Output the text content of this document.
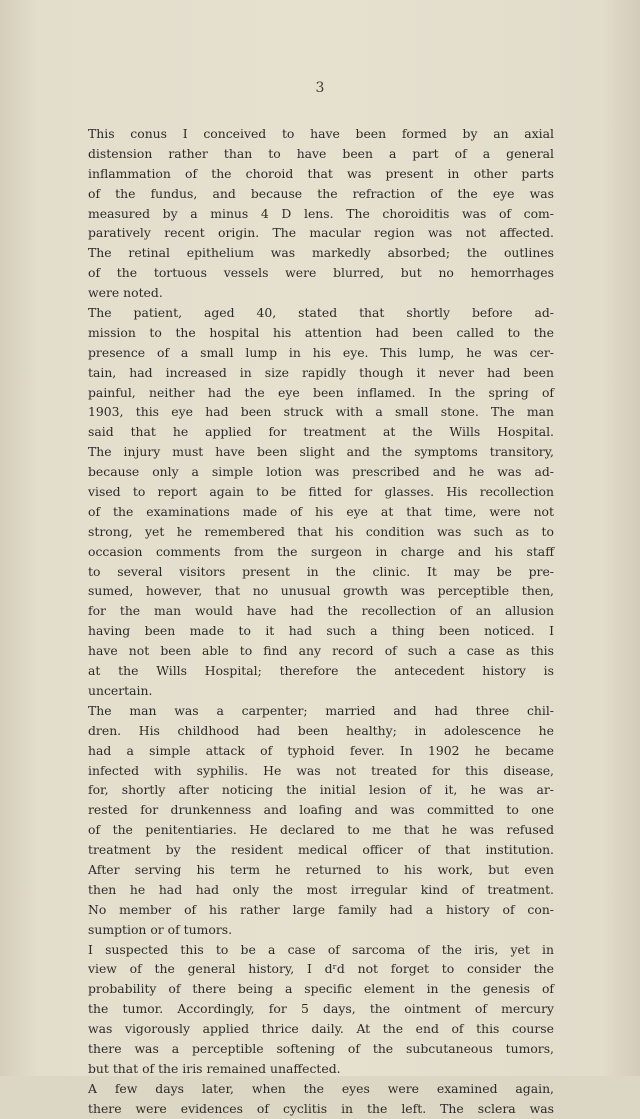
3
This conus I conceived to have been formed by an axial
distension rather than to have been a part of a general
inflammation of the choroid that was present in other parts
of the fundus, and because the refraction of the eye was
measured by a minus 4 D lens. The choroiditis was of com-
paratively recent origin. The macular region was not affected.
The retinal epithelium was markedly absorbed; the outlines
of the tortuous vessels were blurred, but no hemorrhages
were noted.
The patient, aged 40, stated that shortly before ad-
mission to the hospital his attention had been called to the
presence of a small lump in his eye. This lump, he was cer-
tain, had increased in size rapidly though it never had been
painful, neither had the eye been inflamed. In the spring of
1903, this eye had been struck with a small stone. The man
said that he applied for treatment at the Wills Hospital.
The injury must have been slight and the symptoms transitory,
because only a simple lotion was prescribed and he was ad-
vised to report again to be fitted for glasses. His recollection
of the examinations made of his eye at that time, were not
strong, yet he remembered that his condition was such as to
occasion comments from the surgeon in charge and his staff
to several visitors present in the clinic. It may be pre-
sumed, however, that no unusual growth was perceptible then,
for the man would have had the recollection of an allusion
having been made to it had such a thing been noticed. I
have not been able to find any record of such a case as this
at the Wills Hospital; therefore the antecedent history is
uncertain.
The man was a carpenter; married and had three chil-
dren. His childhood had been healthy; in adolescence he
had a simple attack of typhoid fever. In 1902 he became
infected with syphilis. He was not treated for this disease,
for, shortly after noticing the initial lesion of it, he was ar-
rested for drunkenness and loafing and was committed to one
of the penitentiaries. He declared to me that he was refused
treatment by the resident medical officer of that institution.
After serving his term he returned to his work, but even
then he had had only the most irregular kind of treatment.
No member of his rather large family had a history of con-
sumption or of tumors.
I suspected this to be a case of sarcoma of the iris, yet in
view of the general history, I dʳd not forget to consider the
probability of there being a specific element in the genesis of
the tumor. Accordingly, for 5 days, the ointment of mercury
was vigorously applied thrice daily. At the end of this course
there was a perceptible softening of the subcutaneous tumors,
but that of the iris remained unaffected.
A few days later, when the eyes were examined again,
there were evidences of cyclitis in the left. The sclera was
